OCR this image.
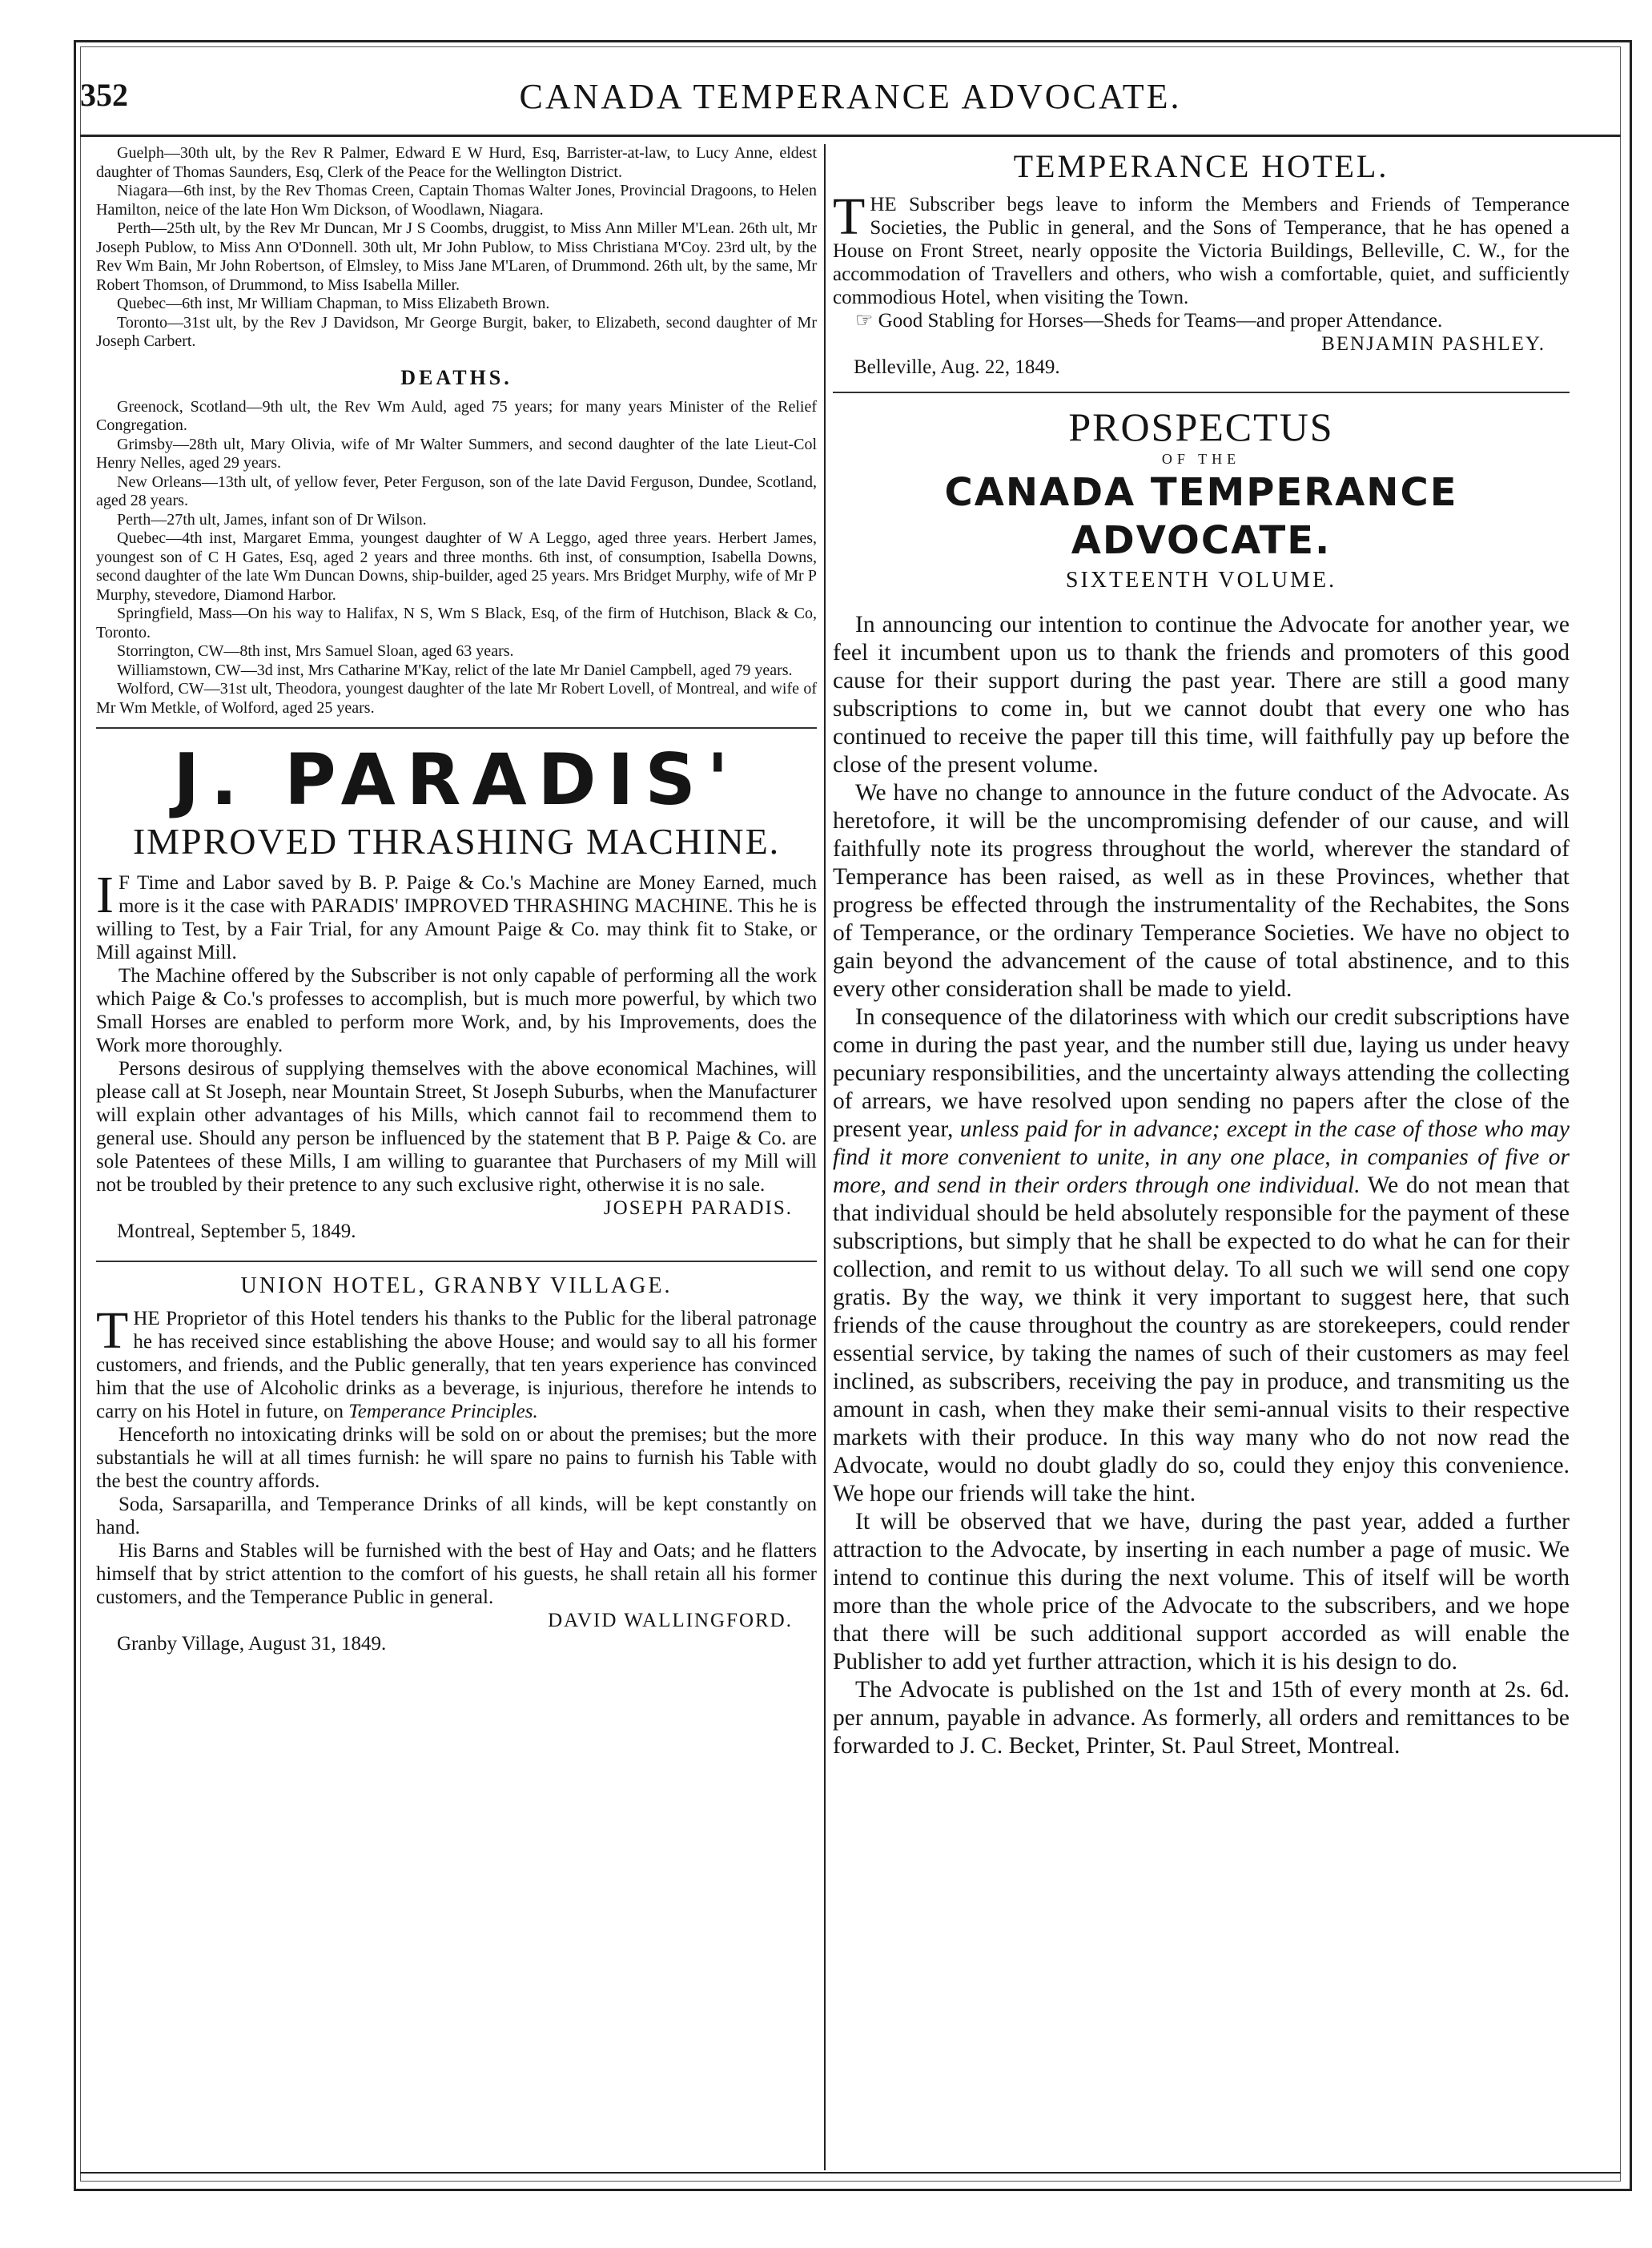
352	CANADA TEMPERANCE ADVOCATE.

Guelph—30th ult, by the Rev R Palmer, Edward E W Hurd, Esq, Barrister-at-law, to Lucy Anne, eldest daughter of Thomas Saunders, Esq, Clerk of the Peace for the Wellington District.

Niagara—6th inst, by the Rev Thomas Creen, Captain Thomas Walter Jones, Provincial Dragoons, to Helen Hamilton, neice of the late Hon Wm Dickson, of Woodlawn, Niagara.

Perth—25th ult, by the Rev Mr Duncan, Mr J S Coombs, druggist, to Miss Ann Miller M'Lean. 26th ult, Mr Joseph Publow, to Miss Ann O'Donnell. 30th ult, Mr John Publow, to Miss Christiana M'Coy. 23rd ult, by the Rev Wm Bain, Mr John Robertson, of Elmsley, to Miss Jane M'Laren, of Drummond. 26th ult, by the same, Mr Robert Thomson, of Drummond, to Miss Isabella Miller.

Quebec—6th inst, Mr William Chapman, to Miss Elizabeth Brown.

Toronto—31st ult, by the Rev J Davidson, Mr George Burgit, baker, to Elizabeth, second daughter of Mr Joseph Carbert.

DEATHS.

Greenock, Scotland—9th ult, the Rev Wm Auld, aged 75 years; for many years Minister of the Relief Congregation.

Grimsby—28th ult, Mary Olivia, wife of Mr Walter Summers, and second daughter of the late Lieut-Col Henry Nelles, aged 29 years.

New Orleans—13th ult, of yellow fever, Peter Ferguson, son of the late David Ferguson, Dundee, Scotland, aged 28 years.

Perth—27th ult, James, infant son of Dr Wilson.

Quebec—4th inst, Margaret Emma, youngest daughter of W A Leggo, aged three years. Herbert James, youngest son of C H Gates, Esq, aged 2 years and three months. 6th inst, of consumption, Isabella Downs, second daughter of the late Wm Duncan Downs, ship-builder, aged 25 years. Mrs Bridget Murphy, wife of Mr P Murphy, stevedore, Diamond Harbor.

Springfield, Mass—On his way to Halifax, N S, Wm S Black, Esq, of the firm of Hutchison, Black & Co, Toronto.

Storrington, CW—8th inst, Mrs Samuel Sloan, aged 63 years.

Williamstown, CW—3d inst, Mrs Catharine M'Kay, relict of the late Mr Daniel Campbell, aged 79 years.

Wolford, CW—31st ult, Theodora, youngest daughter of the late Mr Robert Lovell, of Montreal, and wife of Mr Wm Metkle, of Wolford, aged 25 years.

J. PARADIS'
IMPROVED THRASHING MACHINE.

I F Time and Labor saved by B. P. Paige & Co.'s Machine are Money Earned, much more is it the case with PARADIS' IMPROVED THRASHING MACHINE. This he is willing to Test, by a Fair Trial, for any Amount Paige & Co. may think fit to Stake, or Mill against Mill.

The Machine offered by the Subscriber is not only capable of performing all the work which Paige & Co.'s professes to accomplish, but is much more powerful, by which two Small Horses are enabled to perform more Work, and, by his Improvements, does the Work more thoroughly.

Persons desirous of supplying themselves with the above economical Machines, will please call at St Joseph, near Mountain Street, St Joseph Suburbs, when the Manufacturer will explain other advantages of his Mills, which cannot fail to recommend them to general use. Should any person be influenced by the statement that B P. Paige & Co. are sole Patentees of these Mills, I am willing to guarantee that Purchasers of my Mill will not be troubled by their pretence to any such exclusive right, otherwise it is no sale.

JOSEPH PARADIS.
Montreal, September 5, 1849.
UNION HOTEL, GRANBY VILLAGE.

THE Proprietor of this Hotel tenders his thanks to the Public for the liberal patronage he has received since establishing the above House; and would say to all his former customers, and friends, and the Public generally, that ten years experience has convinced him that the use of Alcoholic drinks as a beverage, is injurious, therefore he intends to carry on his Hotel in future, on Temperance Principles.

Henceforth no intoxicating drinks will be sold on or about the premises; but the more substantials he will at all times furnish: he will spare no pains to furnish his Table with the best the country affords.

Soda, Sarsaparilla, and Temperance Drinks of all kinds, will be kept constantly on hand.

His Barns and Stables will be furnished with the best of Hay and Oats; and he flatters himself that by strict attention to the comfort of his guests, he shall retain all his former customers, and the Temperance Public in general.

DAVID WALLINGFORD.
Granby Village, August 31, 1849.
TEMPERANCE HOTEL.

THE Subscriber begs leave to inform the Members and Friends of Temperance Societies, the Public in general, and the Sons of Temperance, that he has opened a House on Front Street, nearly opposite the Victoria Buildings, Belleville, C. W., for the accommodation of Travellers and others, who wish a comfortable, quiet, and sufficiently commodious Hotel, when visiting the Town.

☞ Good Stabling for Horses—Sheds for Teams—and proper Attendance.

BENJAMIN PASHLEY.
Belleville, Aug. 22, 1849.
PROSPECTUS
OF THE
CANADA TEMPERANCE ADVOCATE.
SIXTEENTH VOLUME.

In announcing our intention to continue the Advocate for another year, we feel it incumbent upon us to thank the friends and promoters of this good cause for their support during the past year. There are still a good many subscriptions to come in, but we cannot doubt that every one who has continued to receive the paper till this time, will faithfully pay up before the close of the present volume.

We have no change to announce in the future conduct of the Advocate. As heretofore, it will be the uncompromising defender of our cause, and will faithfully note its progress throughout the world, wherever the standard of Temperance has been raised, as well as in these Provinces, whether that progress be effected through the instrumentality of the Rechabites, the Sons of Temperance, or the ordinary Temperance Societies. We have no object to gain beyond the advancement of the cause of total abstinence, and to this every other consideration shall be made to yield.

In consequence of the dilatoriness with which our credit subscriptions have come in during the past year, and the number still due, laying us under heavy pecuniary responsibilities, and the uncertainty always attending the collecting of arrears, we have resolved upon sending no papers after the close of the present year, unless paid for in advance; except in the case of those who may find it more convenient to unite, in any one place, in companies of five or more, and send in their orders through one individual. We do not mean that that individual should be held absolutely responsible for the payment of these subscriptions, but simply that he shall be expected to do what he can for their collection, and remit to us without delay. To all such we will send one copy gratis. By the way, we think it very important to suggest here, that such friends of the cause throughout the country as are storekeepers, could render essential service, by taking the names of such of their customers as may feel inclined, as subscribers, receiving the pay in produce, and transmiting us the amount in cash, when they make their semi-annual visits to their respective markets with their produce. In this way many who do not now read the Advocate, would no doubt gladly do so, could they enjoy this convenience. We hope our friends will take the hint.

It will be observed that we have, during the past year, added a further attraction to the Advocate, by inserting in each number a page of music. We intend to continue this during the next volume. This of itself will be worth more than the whole price of the Advocate to the subscribers, and we hope that there will be such additional support accorded as will enable the Publisher to add yet further attraction, which it is his design to do.

The Advocate is published on the 1st and 15th of every month at 2s. 6d. per annum, payable in advance. As formerly, all orders and remittances to be forwarded to J. C. Becket, Printer, St. Paul Street, Montreal.
